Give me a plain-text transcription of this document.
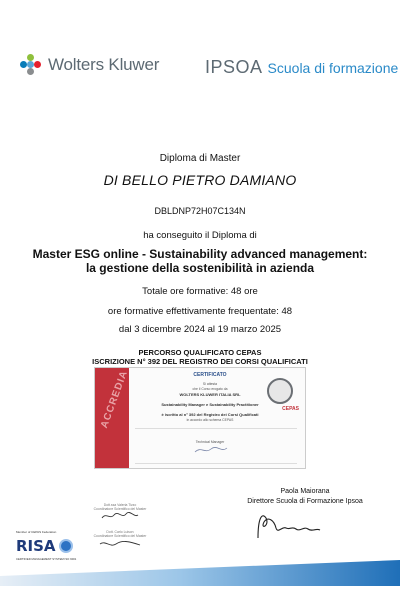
Wolters Kluwer	IPSOA Scuola di formazione
Diploma di Master
DI BELLO PIETRO DAMIANO
DBLDNP72H07C134N
ha conseguito il Diploma di
Master ESG online - Sustainability advanced management:
la gestione della sostenibilità in azienda
Totale ore formative: 48 ore
ore formative effettivamente frequentate: 48
dal 3 dicembre 2024 al 19 marzo 2025
PERCORSO QUALIFICATO CEPAS
ISCRIZIONE N° 392 DEL REGISTRO DEI CORSI QUALIFICATI
ACCREDIA	CERTIFICATO
Si attesta
che il Corso erogato da
WOLTERS KLUWER ITALIA SRL
Sustainability Manager e Sustainability Practitioner
è iscritto al n° 392 del Registro dei Corsi Qualificati
in accordo allo schema CEPAS
Technical Manager
CEPAS
Dott.ssa Valeria Tizzo
Coordinatore Scientifico del Master
Dott. Carlo Luison
Coordinatore Scientifico del Master
Paola Maiorana
Direttore Scuola di Formazione Ipsoa
Member of CEPAS Federation
RISA
CERTIFIED MANAGEMENT SYSTEM ISO 9001
